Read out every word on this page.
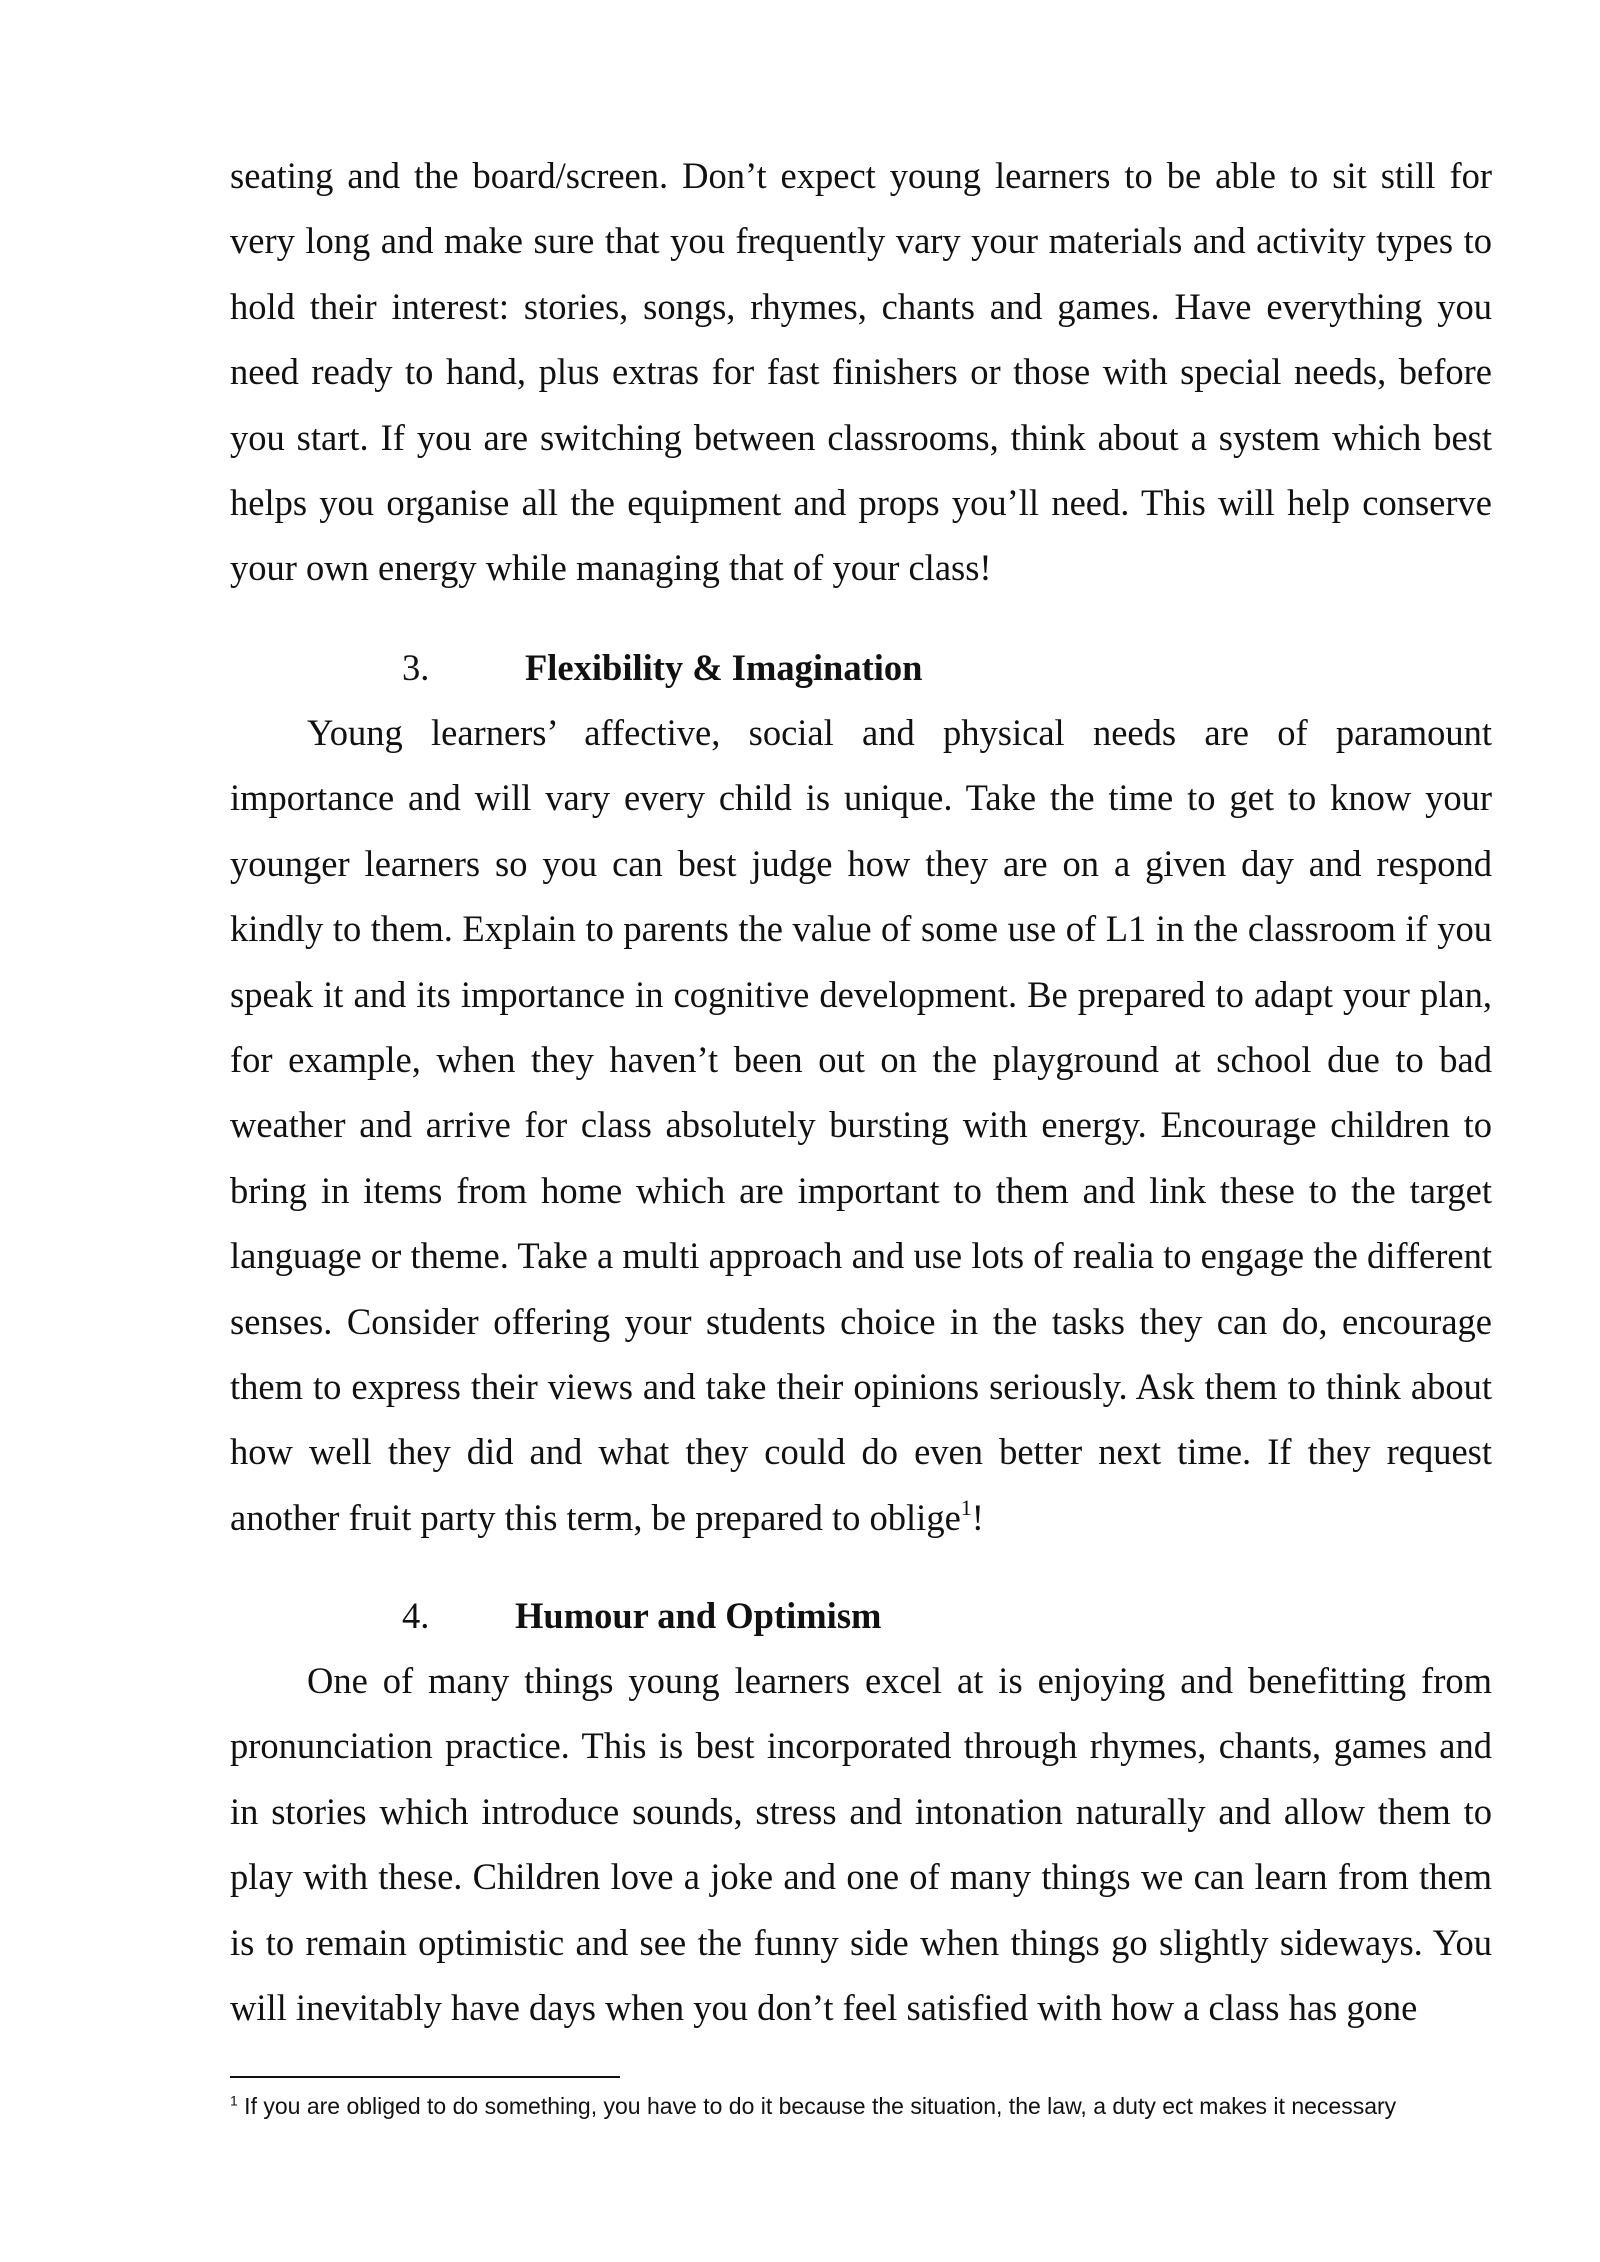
seating and the board/screen. Don’t expect young learners to be able to sit still for very long and make sure that you frequently vary your materials and activity types to hold their interest: stories, songs, rhymes, chants and games. Have everything you need ready to hand, plus extras for fast finishers or those with special needs, before you start. If you are switching between classrooms, think about a system which best helps you organise all the equipment and props you’ll need. This will help conserve your own energy while managing that of your class!

3.	Flexibility & Imagination

Young learners’ affective, social and physical needs are of paramount importance and will vary every child is unique. Take the time to get to know your younger learners so you can best judge how they are on a given day and respond kindly to them. Explain to parents the value of some use of L1 in the classroom if you speak it and its importance in cognitive development. Be prepared to adapt your plan, for example, when they haven’t been out on the playground at school due to bad weather and arrive for class absolutely bursting with energy. Encourage children to bring in items from home which are important to them and link these to the target language or theme. Take a multi approach and use lots of realia to engage the different senses. Consider offering your students choice in the tasks they can do, encourage them to express their views and take their opinions seriously. Ask them to think about how well they did and what they could do even better next time. If they request another fruit party this term, be prepared to oblige$^1$!

4. Humour and Optimism

One of many things young learners excel at is enjoying and benefitting from pronunciation practice. This is best incorporated through rhymes, chants, games and in stories which introduce sounds, stress and intonation naturally and allow them to play with these. Children love a joke and one of many things we can learn from them is to remain optimistic and see the funny side when things go slightly sideways. You will inevitably have days when you don’t feel satisfied with how a class has gone

$^1$ If you are obliged to do something, you have to do it because the situation, the law, a duty ect makes it necessary
